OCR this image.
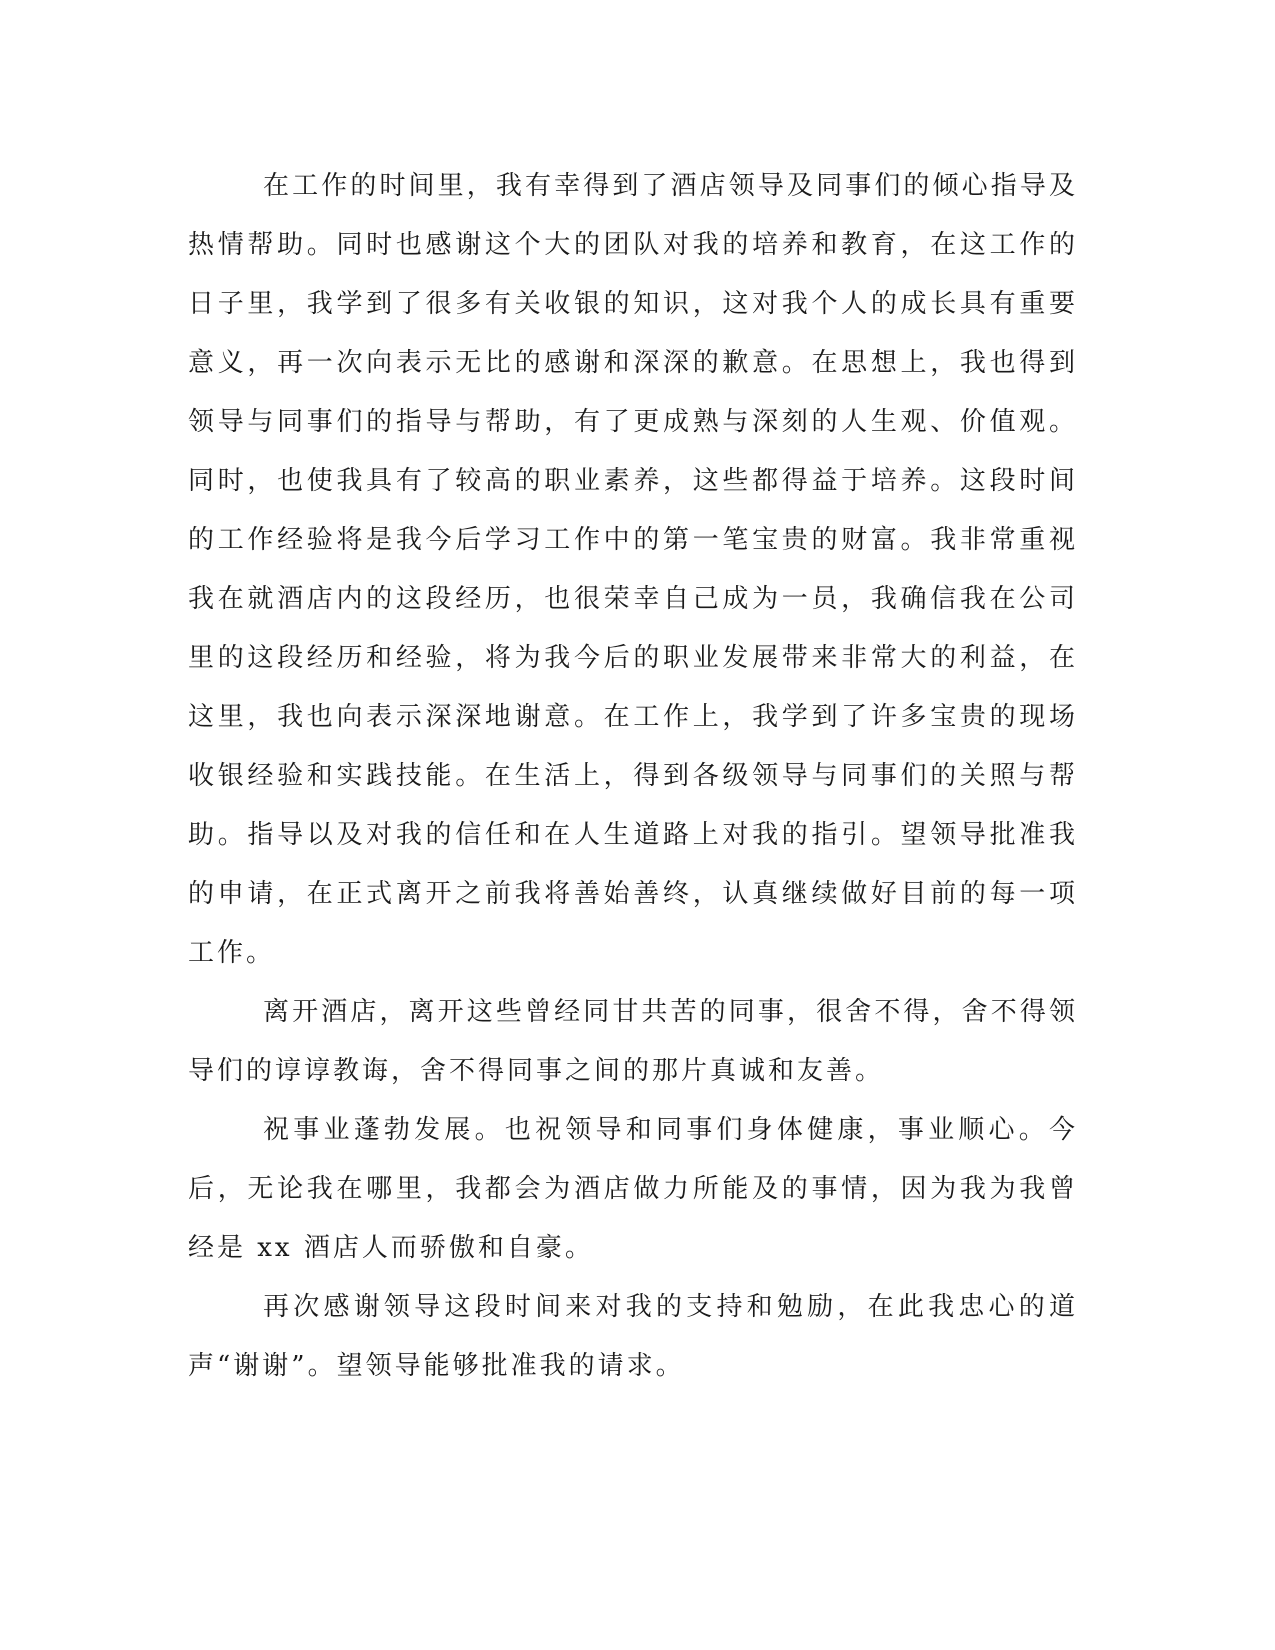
在工作的时间里，我有幸得到了酒店领导及同事们的倾心指导及热情帮助。同时也感谢这个大的团队对我的培养和教育，在这工作的日子里，我学到了很多有关收银的知识，这对我个人的成长具有重要意义，再一次向表示无比的感谢和深深的歉意。在思想上，我也得到领导与同事们的指导与帮助，有了更成熟与深刻的人生观、价值观。同时，也使我具有了较高的职业素养，这些都得益于培养。这段时间的工作经验将是我今后学习工作中的第一笔宝贵的财富。我非常重视我在就酒店内的这段经历，也很荣幸自己成为一员，我确信我在公司里的这段经历和经验，将为我今后的职业发展带来非常大的利益，在这里，我也向表示深深地谢意。在工作上，我学到了许多宝贵的现场收银经验和实践技能。在生活上，得到各级领导与同事们的关照与帮助。指导以及对我的信任和在人生道路上对我的指引。望领导批准我的申请，在正式离开之前我将善始善终，认真继续做好目前的每一项工作。

离开酒店，离开这些曾经同甘共苦的同事，很舍不得，舍不得领导们的谆谆教诲，舍不得同事之间的那片真诚和友善。

祝事业蓬勃发展。也祝领导和同事们身体健康，事业顺心。今后，无论我在哪里，我都会为酒店做力所能及的事情，因为我为我曾经是 xx 酒店人而骄傲和自豪。

再次感谢领导这段时间来对我的支持和勉励，在此我忠心的道声“谢谢”。望领导能够批准我的请求。
